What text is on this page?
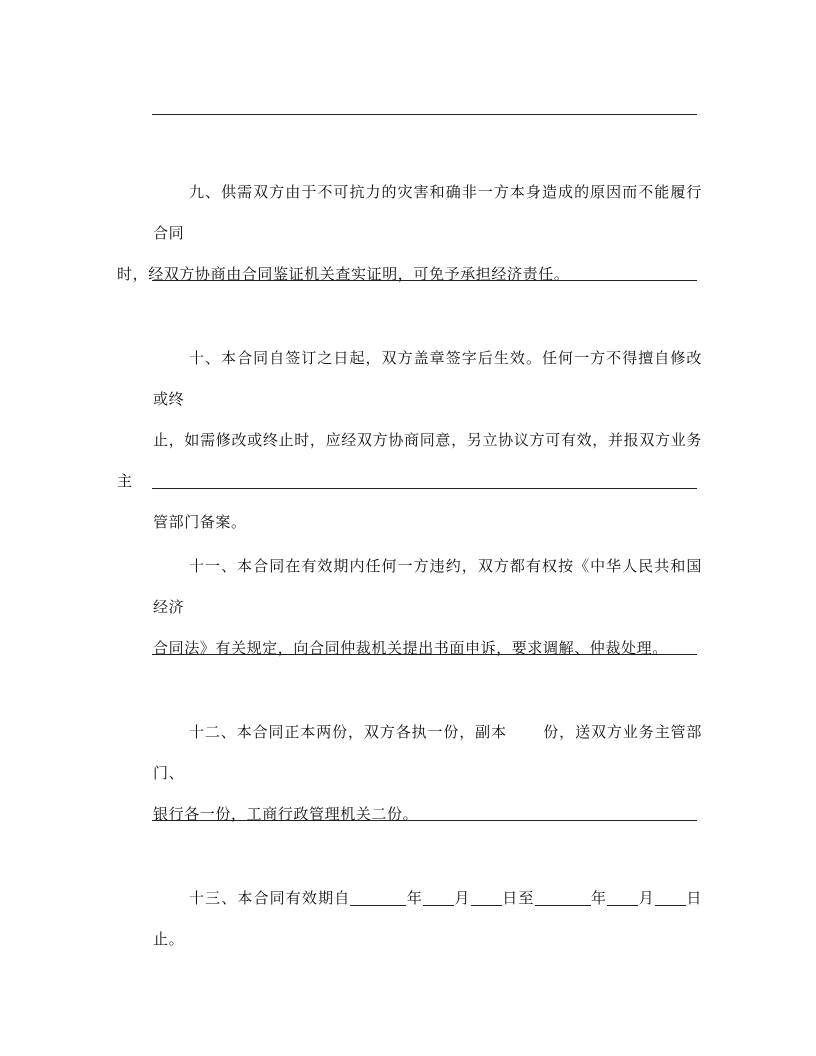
九、供需双方由于不可抗力的灾害和确非一方本身造成的原因而不能履行合同
时，经双方协商由合同鉴证机关查实证明，可免予承担经济责任。
十、本合同自签订之日起，双方盖章签字后生效。任何一方不得擅自修改或终
止，如需修改或终止时，应经双方协商同意，另立协议方可有效，并报双方业务主
管部门备案。
十一、本合同在有效期内任何一方违约，双方都有权按《中华人民共和国经济
合同法》有关规定，向合同仲裁机关提出书面申诉，要求调解、仲裁处理。
十二、本合同正本两份，双方各执一份，副本 份，送双方业务主管部门、
银行各一份，工商行政管理机关二份。
十三、本合同有效期自	年 月 日至	年 月 日止。
